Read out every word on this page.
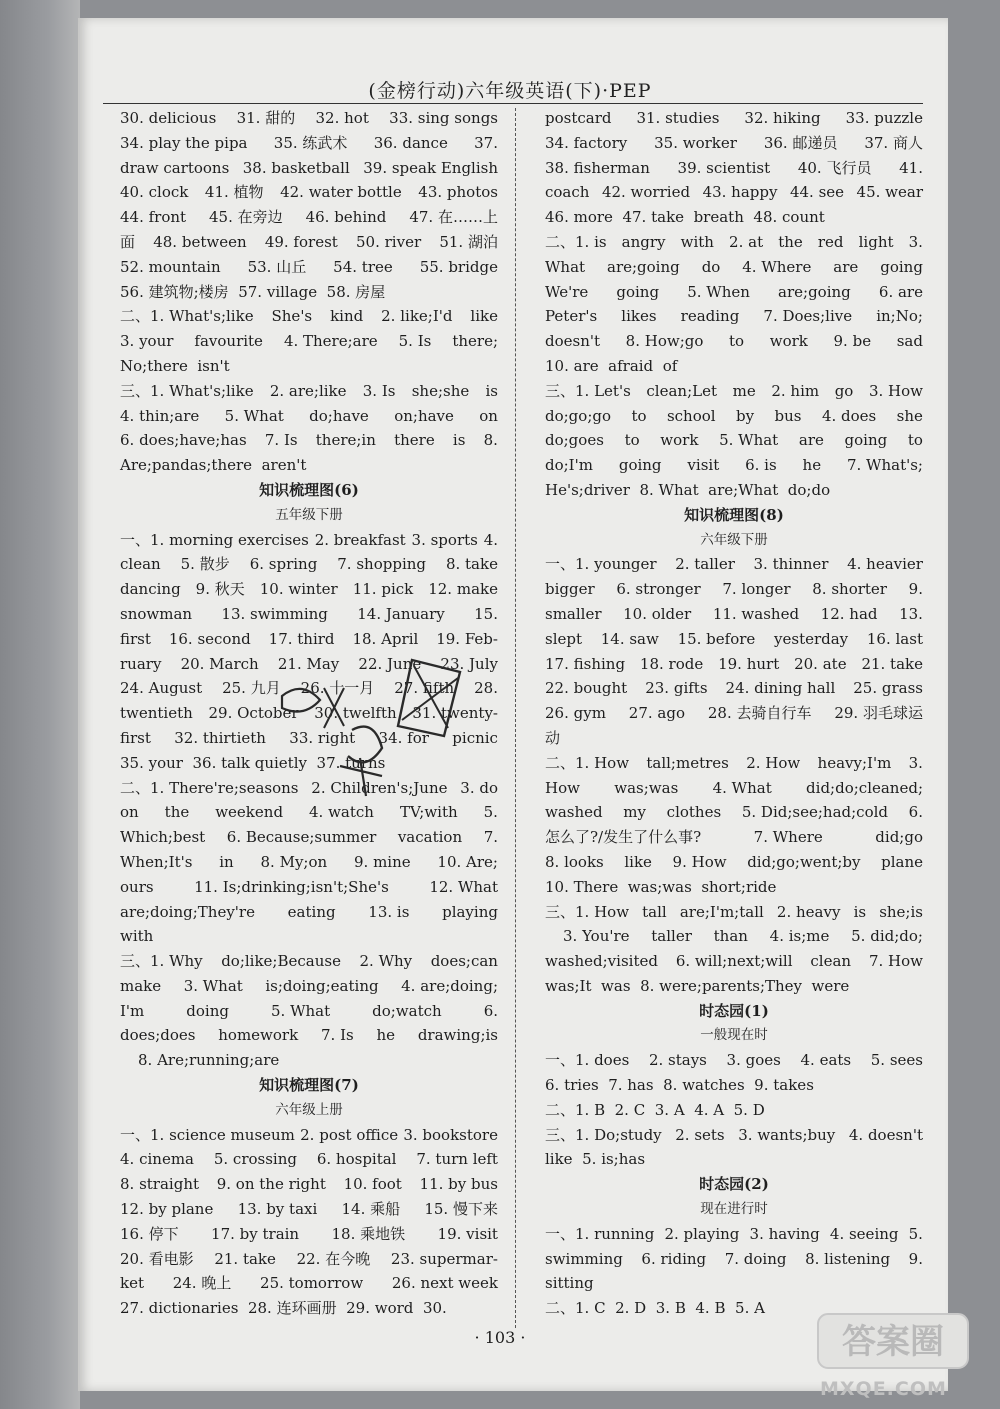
(金榜行动)六年级英语(下)·PEP
30. delicious 31. 甜的 32. hot 33. sing songs
34. play the pipa 35. 练武术 36. dance 37.
draw cartoons 38. basketball 39. speak English
40. clock 41. 植物 42. water bottle 43. photos
44. front 45. 在旁边 46. behind 47. 在……上
面 48. between 49. forest 50. river 51. 湖泊
52. mountain 53. 山丘 54. tree 55. bridge
56. 建筑物;楼房 57. village 58. 房屋
二、1. What's;like She's kind 2. like;I'd like
3. your favourite 4. There;are 5. Is there;
No;there isn't
三、1. What's;like 2. are;like 3. Is she;she is
4. thin;are 5. What do;have on;have on
6. does;have;has 7. Is there;in there is 8.
Are;pandas;there aren't
知识梳理图(6)
五年级下册
一、1. morning exercises 2. breakfast 3. sports 4.
clean 5. 散步 6. spring 7. shopping 8. take
dancing 9. 秋天 10. winter 11. pick 12. make
snowman 13. swimming 14. January 15.
first 16. second 17. third 18. April 19. Feb-
ruary 20. March 21. May 22. June 23. July
24. August 25. 九月 26. 十一月 27. fifth 28.
twentieth 29. October 30. twelfth 31. twenty-
first 32. thirtieth 33. right 34. for picnic
35. your 36. talk quietly 37. turns
二、1. There're;seasons 2. Children's;June 3. do
on the weekend 4. watch TV;with 5.
Which;best 6. Because;summer vacation 7.
When;It's in 8. My;on 9. mine 10. Are;
ours	11. Is;drinking;isn't;She's	12. What
are;doing;They're eating 13. is playing
with
三、1. Why do;like;Because 2. Why does;can
make 3. What is;doing;eating 4. are;doing;
I'm	doing	5. What	do;watch	6.
does;does homework 7. Is he drawing;is
8. Are;running;are
知识梳理图(7)
六年级上册
一、1. science museum 2. post office 3. bookstore
4. cinema 5. crossing 6. hospital 7. turn left
8. straight 9. on the right 10. foot 11. by bus
12. by plane 13. by taxi 14. 乘船 15. 慢下来
16. 停下 17. by train 18. 乘地铁 19. visit
20. 看电影 21. take 22. 在今晚 23. supermar-
ket 24. 晚上 25. tomorrow 26. next week
27. dictionaries 28. 连环画册 29. word 30.
postcard 31. studies 32. hiking 33. puzzle
34. factory 35. worker 36. 邮递员 37. 商人
38. fisherman 39. scientist 40. 飞行员 41.
coach 42. worried 43. happy 44. see 45. wear
46. more 47. take breath 48. count
二、1. is angry with 2. at the red light 3.
What are;going do 4. Where are going
We're going 5. When are;going 6. are
Peter's likes reading 7. Does;live in;No;
doesn't 8. How;go to work 9. be sad
10. are afraid of
三、1. Let's clean;Let me 2. him go 3. How
do;go;go to school by bus 4. does she
do;goes to work 5. What are going to
do;I'm going visit 6. is he 7. What's;
He's;driver 8. What are;What do;do
知识梳理图(8)
六年级下册
一、1. younger 2. taller 3. thinner 4. heavier
bigger 6. stronger 7. longer 8. shorter 9.
smaller 10. older 11. washed 12. had 13.
slept 14. saw 15. before yesterday 16. last
17. fishing 18. rode 19. hurt 20. ate 21. take
22. bought 23. gifts 24. dining hall 25. grass
26. gym 27. ago 28. 去骑自行车 29. 羽毛球运
动
二、1. How tall;metres 2. How heavy;I'm 3.
How was;was 4. What did;do;cleaned;
washed my clothes 5. Did;see;had;cold 6.
怎么了?/发生了什么事?	7. Where	did;go
8. looks like 9. How did;go;went;by plane
10. There was;was short;ride
三、1. How tall are;I'm;tall 2. heavy is she;is
3. You're taller than 4. is;me 5. did;do;
washed;visited 6. will;next;will clean 7. How
was;It was 8. were;parents;They were
时态园(1)
一般现在时
一、1. does 2. stays 3. goes 4. eats 5. sees
6. tries 7. has 8. watches 9. takes
二、1. B 2. C 3. A 4. A 5. D
三、1. Do;study 2. sets 3. wants;buy 4. doesn't
like 5. is;has
时态园(2)
现在进行时
一、1. running 2. playing 3. having 4. seeing 5.
swimming 6. riding 7. doing 8. listening 9.
sitting
二、1. C 2. D 3. B 4. B 5. A
· 103 ·	答案圈
MXQE.COM
